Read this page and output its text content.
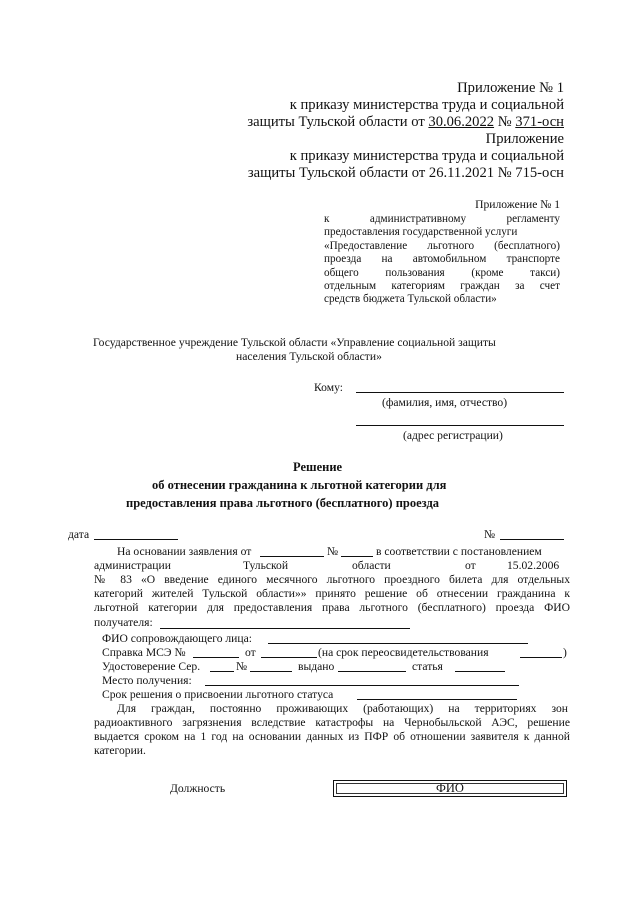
Приложение № 1
к приказу министерства труда и социальной
защиты Тульской области от 30.06.2022 № 371-осн
Приложение
к приказу министерства труда и социальной
защиты Тульской области от 26.11.2021 № 715-осн
Приложение № 1
к административному регламенту
предоставления государственной услуги
«Предоставление льготного (бесплатного)
проезда на автомобильном транспорте
общего пользования (кроме такси)
отдельным категориям граждан за счет
средств бюджета Тульской области»
Государственное учреждение Тульской области «Управление социальной защиты
населения Тульской области»
Кому:
(фамилия, имя, отчество)
(адрес регистрации)
Решение
об отнесении гражданина к льготной категории для
предоставления права льготного (бесплатного) проезда
дата	№
На основании заявления от	№	в соответствии с постановлением
администрации	Тульской	области	от	15.02.2006
№ 83 «О введение единого месячного льготного проездного билета для отдельных
категорий жителей Тульской области»» принято решение об отнесении гражданина к
льготной категории для предоставления права льготного (бесплатного) проезда ФИО
получателя:
ФИО сопровождающего лица:
Справка МСЭ №	от	(на срок переосвидетельствования	)
Удостоверение Сер.	№	выдано	статья
Место получения:
Срок решения о присвоении льготного статуса
Для граждан, постоянно проживающих (работающих) на территориях зон
радиоактивного загрязнения вследствие катастрофы на Чернобыльской АЭС, решение
выдается сроком на 1 год на основании данных из ПФР об отношении заявителя к данной
категории.
Должность	ФИО
